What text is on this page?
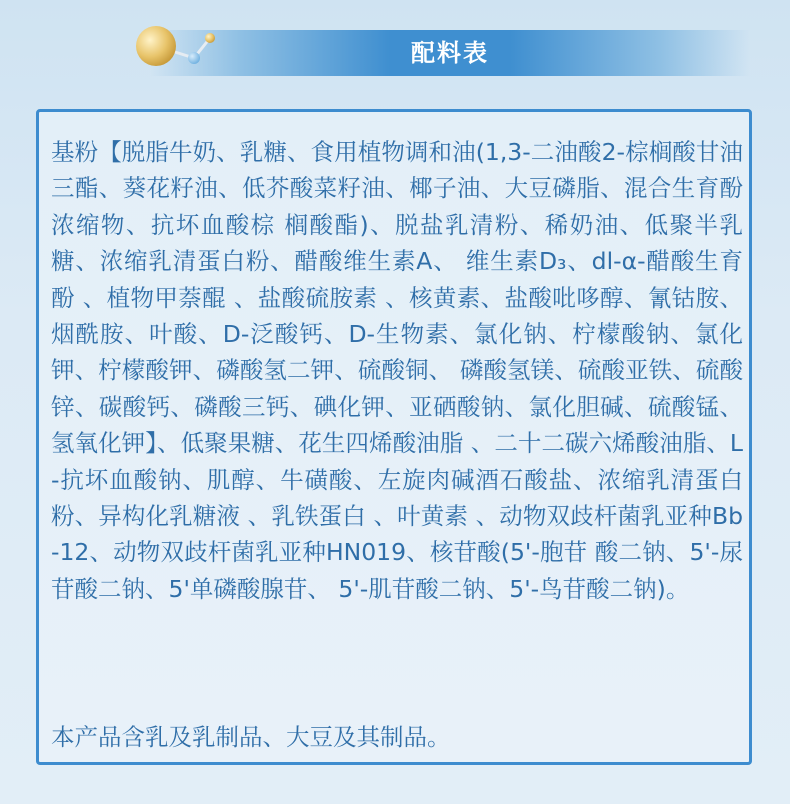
配料表

基粉【脱脂牛奶、乳糖、食用植物调和油(1,3-二油酸2-棕榈酸甘油三酯、葵花籽油、低芥酸菜籽油、椰子油、大豆磷脂、混合生育酚浓缩物、抗坏血酸棕 榈酸酯)、脱盐乳清粉、稀奶油、低聚半乳糖、浓缩乳清蛋白粉、醋酸维生素A、 维生素D₃、dl-α-醋酸生育酚 、植物甲萘醌 、盐酸硫胺素 、核黄素、盐酸吡哆醇、氰钴胺、烟酰胺、叶酸、D-泛酸钙、D-生物素、氯化钠、柠檬酸钠、氯化钾、柠檬酸钾、磷酸氢二钾、硫酸铜、 磷酸氢镁、硫酸亚铁、硫酸锌、碳酸钙、磷酸三钙、碘化钾、亚硒酸钠、氯化胆碱、硫酸锰、氢氧化钾】、低聚果糖、花生四烯酸油脂 、二十二碳六烯酸油脂、L-抗坏血酸钠、肌醇、牛磺酸、左旋肉碱酒石酸盐、浓缩乳清蛋白粉、异构化乳糖液 、乳铁蛋白 、叶黄素 、动物双歧杆菌乳亚种Bb-12、动物双歧杆菌乳亚种HN019、核苷酸(5'-胞苷 酸二钠、5'-尿苷酸二钠、5'单磷酸腺苷、 5'-肌苷酸二钠、5'-鸟苷酸二钠)。

本产品含乳及乳制品、大豆及其制品。
